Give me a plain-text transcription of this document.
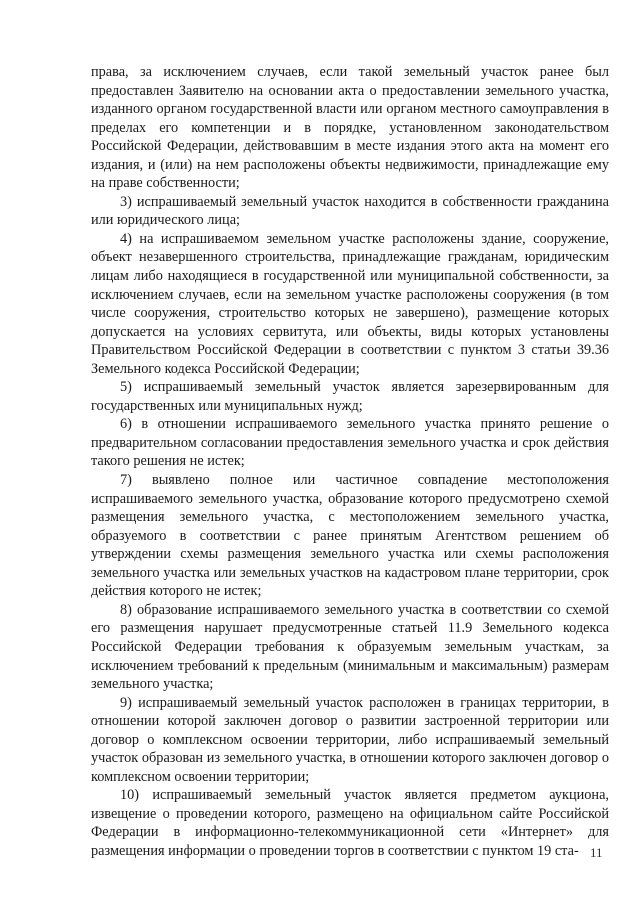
права, за исключением случаев, если такой земельный участок ранее был предоставлен Заявителю на основании акта о предоставлении земельного участка, изданного органом государственной власти или органом местного самоуправления в пределах его компетенции и в порядке, установленном законодательством Российской Федерации, действовавшим в месте издания этого акта на момент его издания, и (или) на нем расположены объекты недвижимости, принадлежащие ему на праве собственности;

3) испрашиваемый земельный участок находится в собственности гражданина или юридического лица;

4) на испрашиваемом земельном участке расположены здание, сооружение, объект незавершенного строительства, принадлежащие гражданам, юридическим лицам либо находящиеся в государственной или муниципальной собственности, за исключением случаев, если на земельном участке расположены сооружения (в том числе сооружения, строительство которых не завершено), размещение которых допускается на условиях сервитута, или объекты, виды которых установлены Правительством Российской Федерации в соответствии с пунктом 3 статьи 39.36 Земельного кодекса Российской Федерации;

5) испрашиваемый земельный участок является зарезервированным для государственных или муниципальных нужд;

6) в отношении испрашиваемого земельного участка принято решение о предварительном согласовании предоставления земельного участка и срок действия такого решения не истек;

7) выявлено полное или частичное совпадение местоположения испрашиваемого земельного участка, образование которого предусмотрено схемой размещения земельного участка, с местоположением земельного участка, образуемого в соответствии с ранее принятым Агентством решением об утверждении схемы размещения земельного участка или схемы расположения земельного участка или земельных участков на кадастровом плане территории, срок действия которого не истек;

8) образование испрашиваемого земельного участка в соответствии со схемой его размещения нарушает предусмотренные статьей 11.9 Земельного кодекса Российской Федерации требования к образуемым земельным участкам, за исключением требований к предельным (минимальным и максимальным) размерам земельного участка;

9) испрашиваемый земельный участок расположен в границах территории, в отношении которой заключен договор о развитии застроенной территории или договор о комплексном освоении территории, либо испрашиваемый земельный участок образован из земельного участка, в отношении которого заключен договор о комплексном освоении территории;

10) испрашиваемый земельный участок является предметом аукциона, извещение о проведении которого, размещено на официальном сайте Российской Федерации в информационно-телекоммуникационной сети «Интернет» для размещения информации о проведении торгов в соответствии с пунктом 19 ста- 11
